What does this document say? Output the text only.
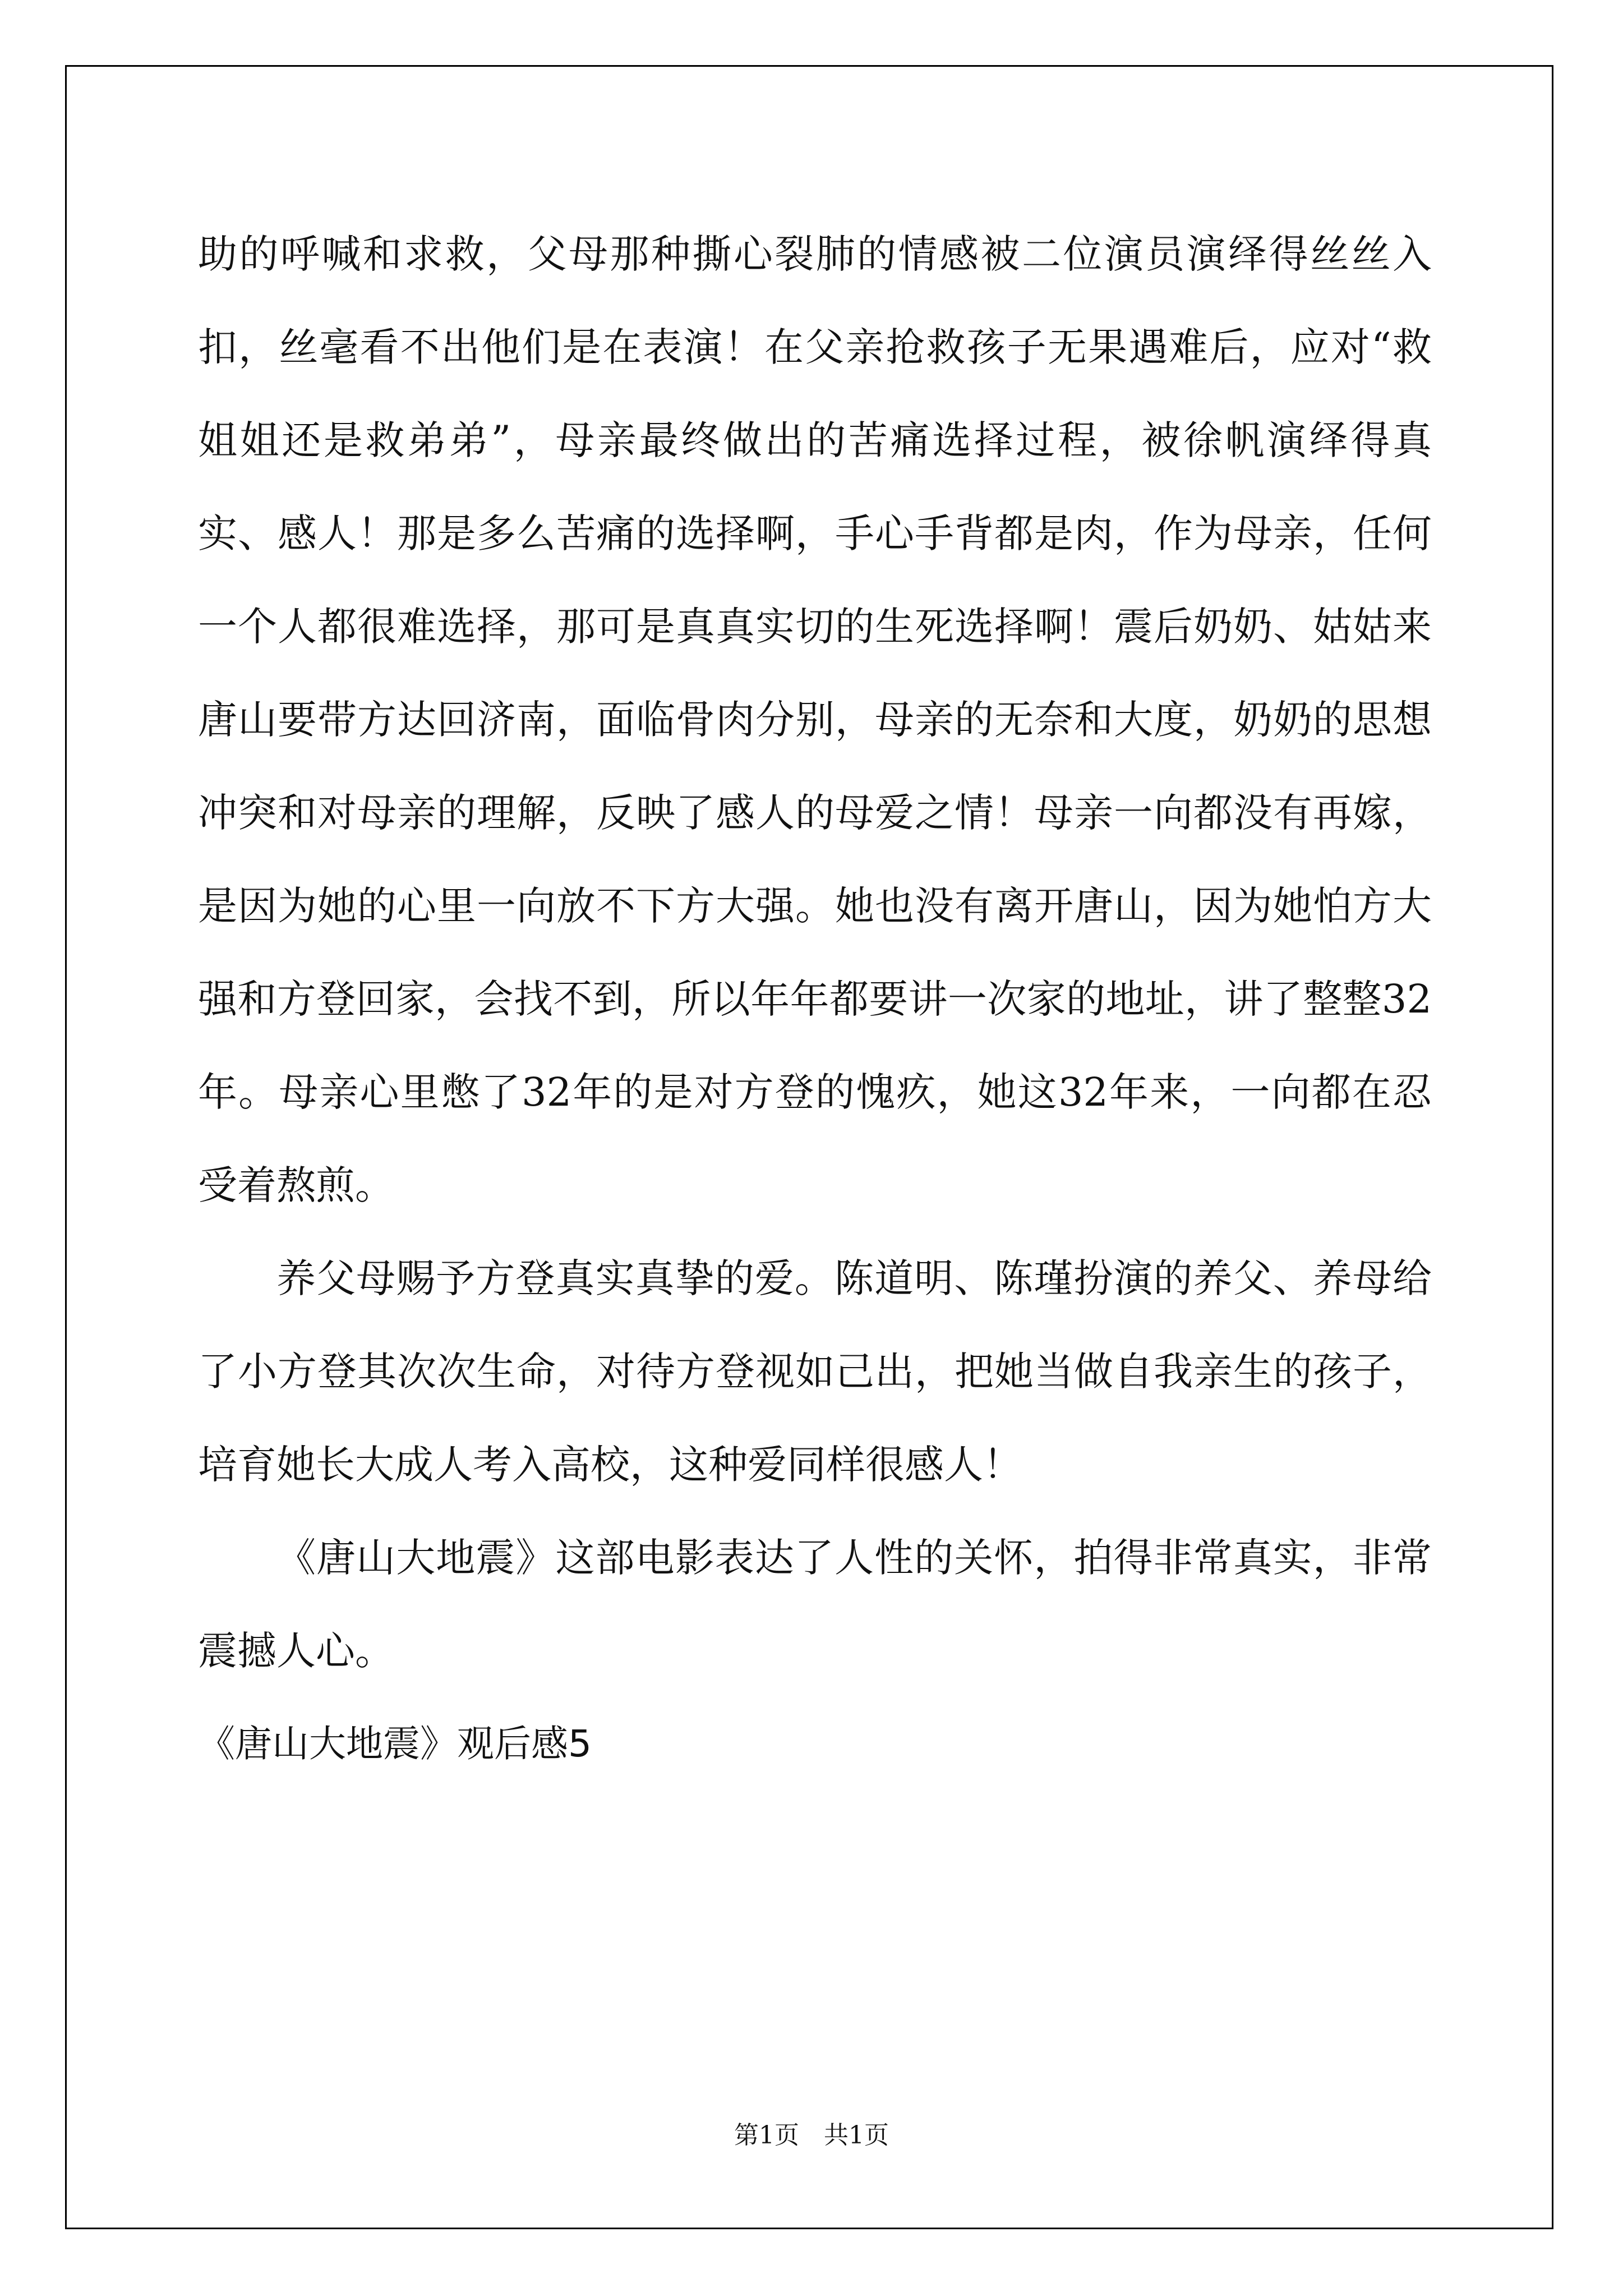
助的呼喊和求救，父母那种撕心裂肺的情感被二位演员演绎得丝丝入扣，丝毫看不出他们是在表演！在父亲抢救孩子无果遇难后，应对“救姐姐还是救弟弟”，母亲最终做出的苦痛选择过程，被徐帆演绎得真实、感人！那是多么苦痛的选择啊，手心手背都是肉，作为母亲，任何一个人都很难选择，那可是真真实切的生死选择啊！震后奶奶、姑姑来唐山要带方达回济南，面临骨肉分别，母亲的无奈和大度，奶奶的思想冲突和对母亲的理解，反映了感人的母爱之情！母亲一向都没有再嫁，是因为她的心里一向放不下方大强。她也没有离开唐山，因为她怕方大强和方登回家，会找不到，所以年年都要讲一次家的地址，讲了整整32年。母亲心里憋了32年的是对方登的愧疚，她这32年来，一向都在忍受着熬煎。

养父母赐予方登真实真挚的爱。陈道明、陈瑾扮演的养父、养母给了小方登其次次生命，对待方登视如己出，把她当做自我亲生的孩子，培育她长大成人考入高校，这种爱同样很感人！

《唐山大地震》这部电影表达了人性的关怀，拍得非常真实，非常震撼人心。

《唐山大地震》观后感5

第1页　共1页
